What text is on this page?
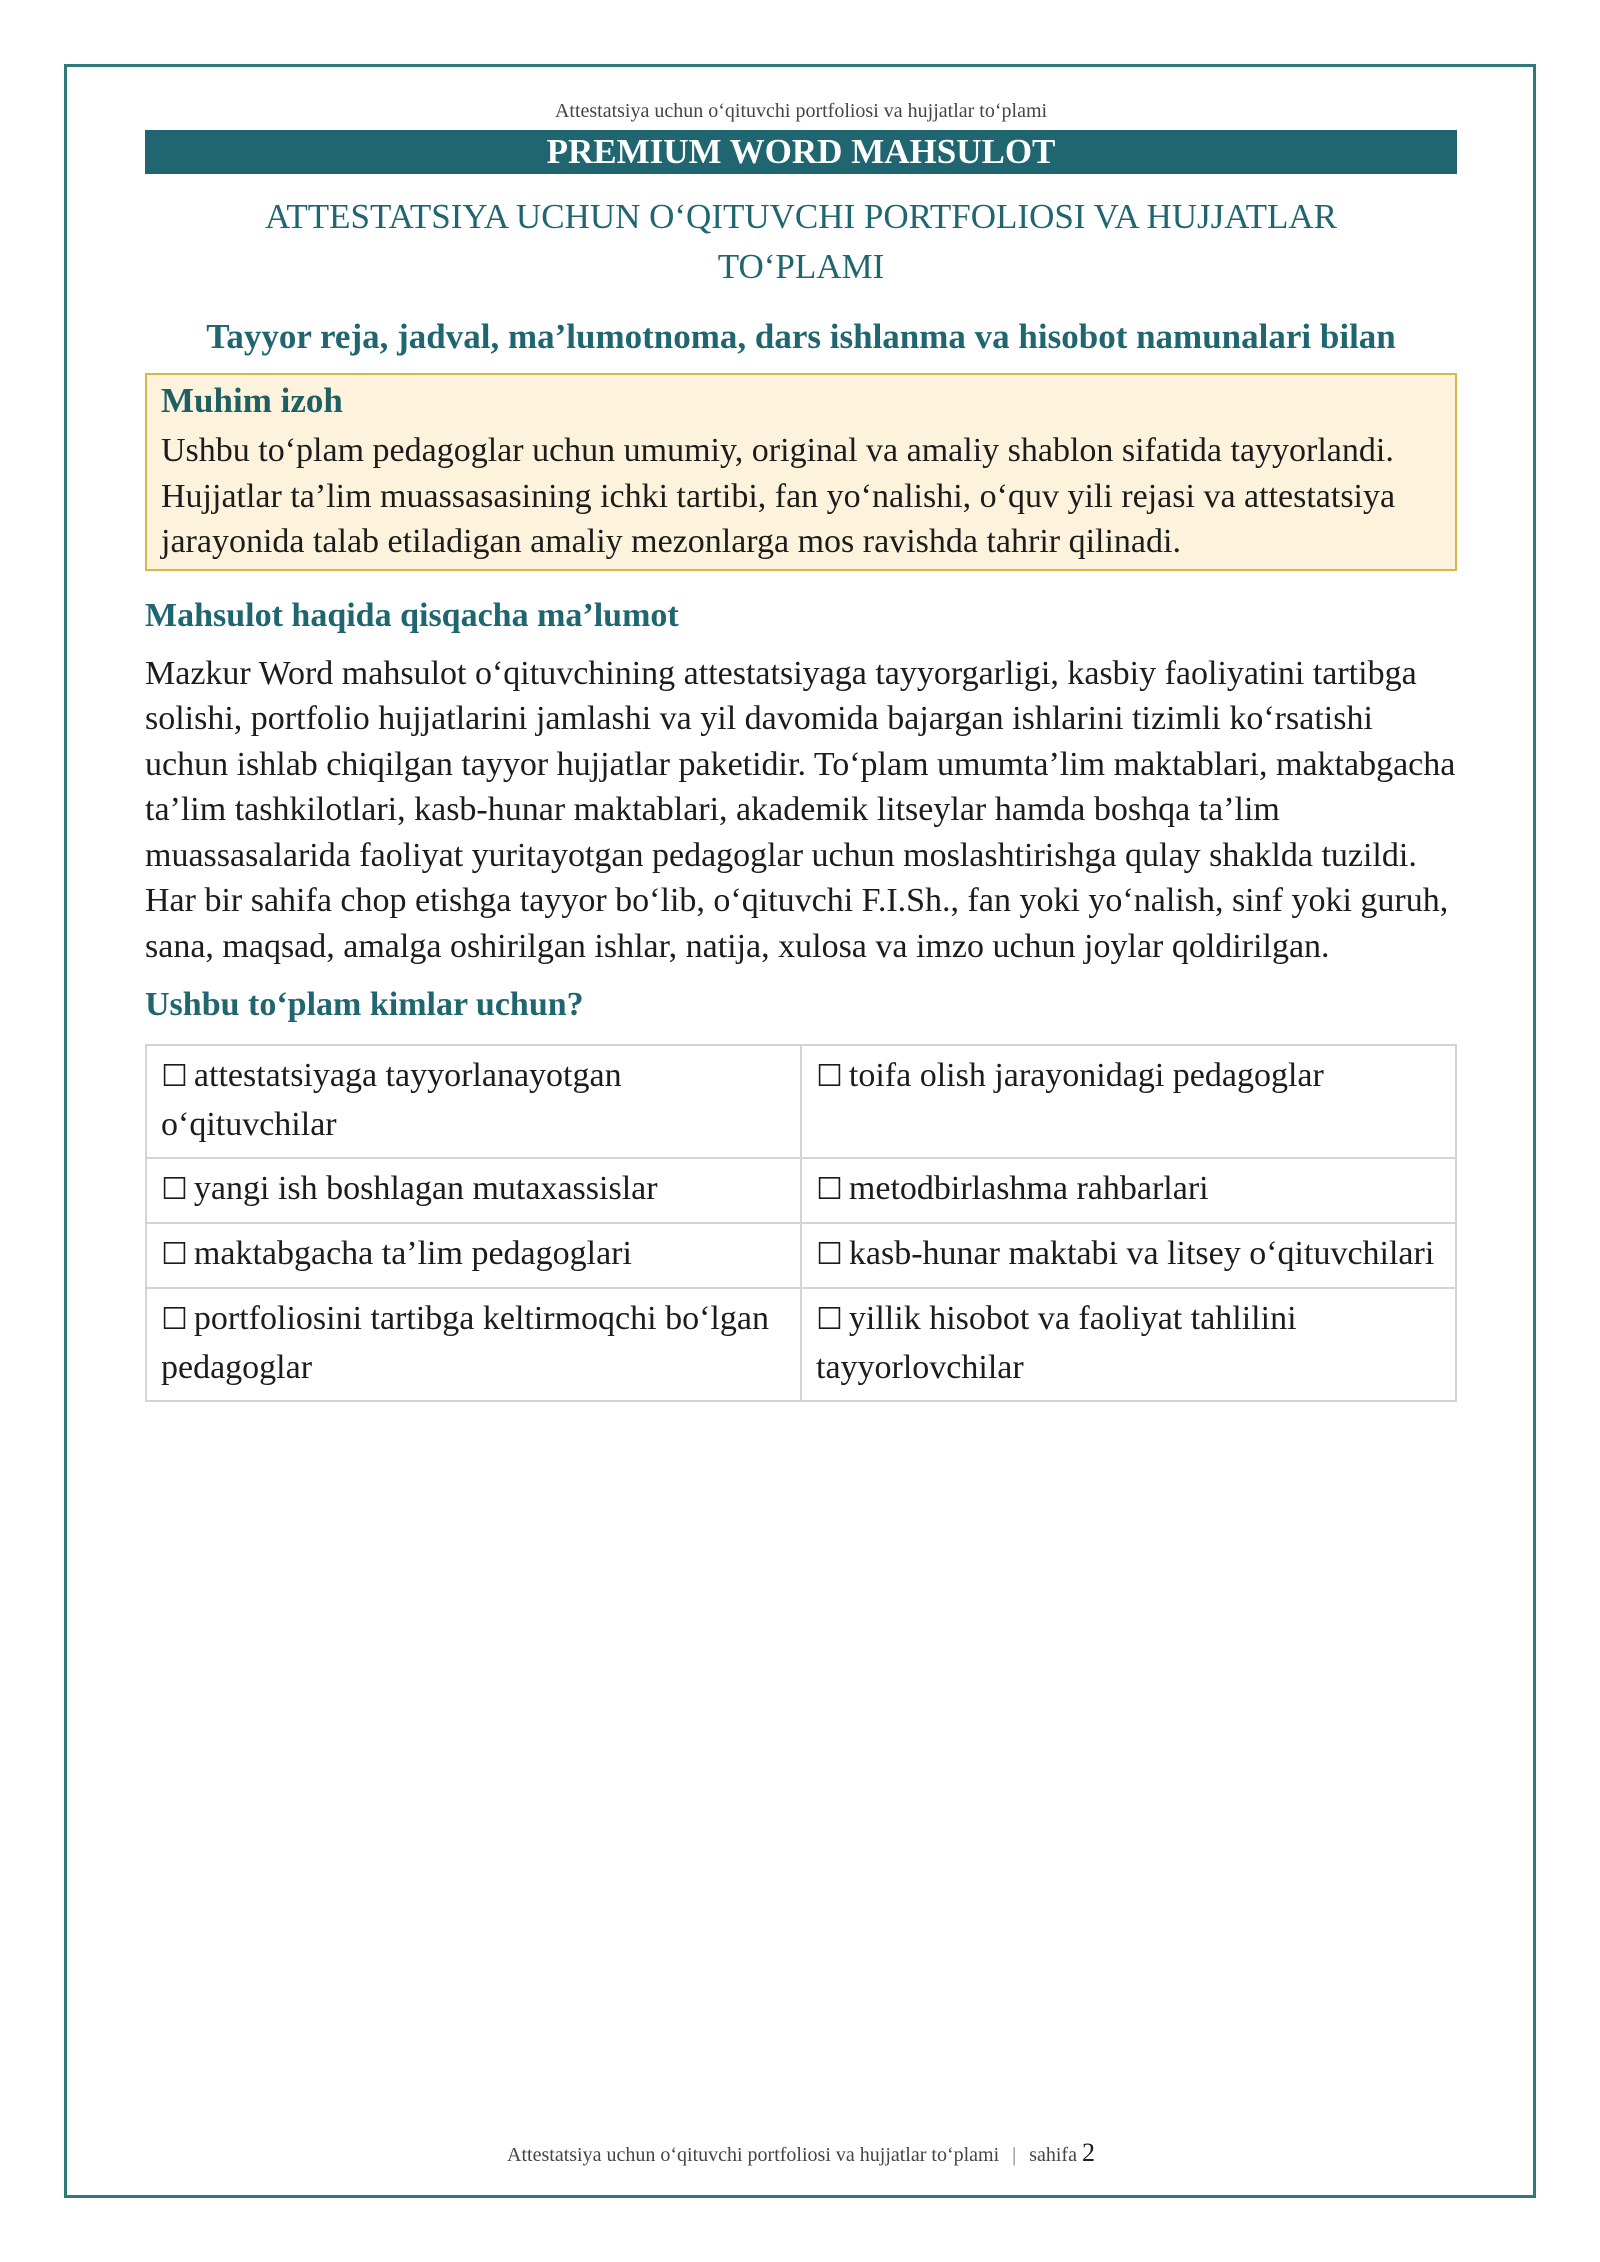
Attestatsiya uchun o‘qituvchi portfoliosi va hujjatlar to‘plami
PREMIUM WORD MAHSULOT
ATTESTATSIYA UCHUN O‘QITUVCHI PORTFOLIOSI VA HUJJATLAR
TO‘PLAMI
Tayyor reja, jadval, ma’lumotnoma, dars ishlanma va hisobot namunalari bilan
Muhim izoh
Ushbu to‘plam pedagoglar uchun umumiy, original va amaliy shablon sifatida tayyorlandi. Hujjatlar ta’lim muassasasining ichki tartibi, fan yo‘nalishi, o‘quv yili rejasi va attestatsiya jarayonida talab etiladigan amaliy mezonlarga mos ravishda tahrir qilinadi.
Mahsulot haqida qisqacha ma’lumot
Mazkur Word mahsulot o‘qituvchining attestatsiyaga tayyorgarligi, kasbiy faoliyatini tartibga solishi, portfolio hujjatlarini jamlashi va yil davomida bajargan ishlarini tizimli ko‘rsatishi uchun ishlab chiqilgan tayyor hujjatlar paketidir. To‘plam umumta’lim maktablari, maktabgacha ta’lim tashkilotlari, kasb-hunar maktablari, akademik litseylar hamda boshqa ta’lim muassasalarida faoliyat yuritayotgan pedagoglar uchun moslashtirishga qulay shaklda tuzildi. Har bir sahifa chop etishga tayyor bo‘lib, o‘qituvchi F.I.Sh., fan yoki yo‘nalish, sinf yoki guruh, sana, maqsad, amalga oshirilgan ishlar, natija, xulosa va imzo uchun joylar qoldirilgan.
Ushbu to‘plam kimlar uchun?
☐ attestatsiyaga tayyorlanayotgan o‘qituvchilar	☐ toifa olish jarayonidagi pedagoglar
☐ yangi ish boshlagan mutaxassislar	☐ metodbirlashma rahbarlari
☐ maktabgacha ta’lim pedagoglari	☐ kasb-hunar maktabi va litsey o‘qituvchilari
☐ portfoliosini tartibga keltirmoqchi bo‘lgan pedagoglar	☐ yillik hisobot va faoliyat tahlilini tayyorlovchilar
Attestatsiya uchun o‘qituvchi portfoliosi va hujjatlar to‘plami | sahifa 2
